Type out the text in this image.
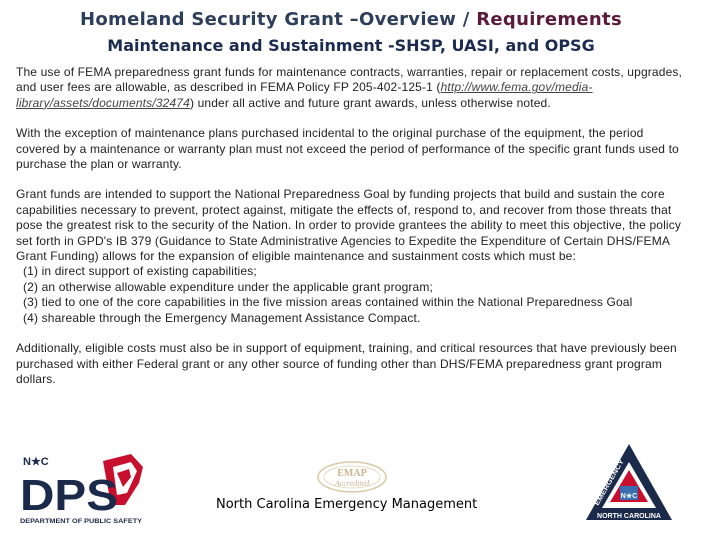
Homeland Security Grant –Overview / Requirements
Maintenance and Sustainment -SHSP, UASI, and OPSG

The use of FEMA preparedness grant funds for maintenance contracts, warranties, repair or replacement costs, upgrades, and user fees are allowable, as described in FEMA Policy FP 205-402-125-1 (http://www.fema.gov/media-library/assets/documents/32474) under all active and future grant awards, unless otherwise noted.

With the exception of maintenance plans purchased incidental to the original purchase of the equipment, the period covered by a maintenance or warranty plan must not exceed the period of performance of the specific grant funds used to purchase the plan or warranty.

Grant funds are intended to support the National Preparedness Goal by funding projects that build and sustain the core capabilities necessary to prevent, protect against, mitigate the effects of, respond to, and recover from those threats that pose the greatest risk to the security of the Nation. In order to provide grantees the ability to meet this objective, the policy set forth in GPD's IB 379 (Guidance to State Administrative Agencies to Expedite the Expenditure of Certain DHS/FEMA Grant Funding) allows for the expansion of eligible maintenance and sustainment costs which must be:

(1) in direct support of existing capabilities;
(2) an otherwise allowable expenditure under the applicable grant program;
(3) tied to one of the core capabilities in the five mission areas contained within the National Preparedness Goal
(4) shareable through the Emergency Management Assistance Compact.

Additionally, eligible costs must also be in support of equipment, training, and critical resources that have previously been purchased with either Federal grant or any other source of funding other than DHS/FEMA preparedness grant program dollars.

N★C
DPS
DEPARTMENT OF PUBLIC SAFETY
EMAP
Accredited
North Carolina Emergency Management
N★C
EMERGENCY	MANAGEMENT
NORTH CAROLINA
